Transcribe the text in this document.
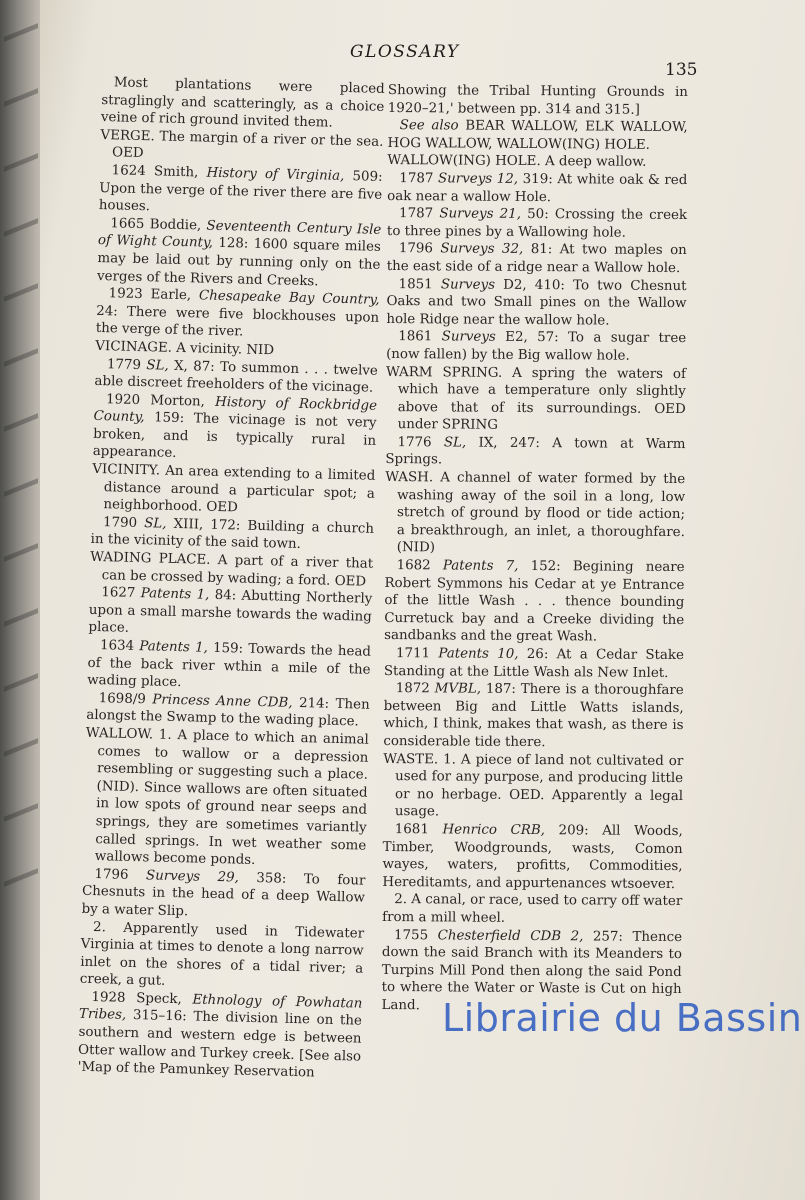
GLOSSARY
135

Most plantations were placed straglingly and scatteringly, as a choice veine of rich ground invited them.

VERGE. The margin of a river or the sea. OED

1624 Smith, History of Virginia, 509: Upon the verge of the river there are five houses.

1665 Boddie, Seventeenth Century Isle of Wight County, 128: 1600 square miles may be laid out by running only on the verges of the Rivers and Creeks.

1923 Earle, Chesapeake Bay Country, 24: There were five blockhouses upon the verge of the river.

VICINAGE. A vicinity. NID

1779 SL, X, 87: To summon . . . twelve able discreet freeholders of the vicinage.

1920 Morton, History of Rockbridge County, 159: The vicinage is not very broken, and is typically rural in appearance.

VICINITY. An area extending to a limited distance around a particular spot; a neighborhood. OED

1790 SL, XIII, 172: Building a church in the vicinity of the said town.

WADING PLACE. A part of a river that can be crossed by wading; a ford. OED

1627 Patents 1, 84: Abutting Northerly upon a small marshe towards the wading place.

1634 Patents 1, 159: Towards the head of the back river wthin a mile of the wading place.

1698/9 Princess Anne CDB, 214: Then alongst the Swamp to the wading place.

WALLOW. 1. A place to which an animal comes to wallow or a depression resembling or suggesting such a place. (NID). Since wallows are often situated in low spots of ground near seeps and springs, they are sometimes variantly called springs. In wet weather some wallows become ponds.

1796 Surveys 29, 358: To four Chesnuts in the head of a deep Wallow by a water Slip.

2. Apparently used in Tidewater Virginia at times to denote a long narrow inlet on the shores of a tidal river; a creek, a gut.

1928 Speck, Ethnology of Powhatan Tribes, 315–16: The division line on the southern and western edge is between Otter wallow and Turkey creek. [See also 'Map of the Pamunkey Reservation

Showing the Tribal Hunting Grounds in 1920–21,' between pp. 314 and 315.]

See also BEAR WALLOW, ELK WALLOW, HOG WALLOW, WALLOW(ING) HOLE.

WALLOW(ING) HOLE. A deep wallow.

1787 Surveys 12, 319: At white oak & red oak near a wallow Hole.

1787 Surveys 21, 50: Crossing the creek to three pines by a Wallowing hole.

1796 Surveys 32, 81: At two maples on the east side of a ridge near a Wallow hole.

1851 Surveys D2, 410: To two Chesnut Oaks and two Small pines on the Wallow hole Ridge near the wallow hole.

1861 Surveys E2, 57: To a sugar tree (now fallen) by the Big wallow hole.

WARM SPRING. A spring the waters of which have a temperature only slightly above that of its surroundings. OED under SPRING

1776 SL, IX, 247: A town at Warm Springs.

WASH. A channel of water formed by the washing away of the soil in a long, low stretch of ground by flood or tide action; a breakthrough, an inlet, a thoroughfare. (NID)

1682 Patents 7, 152: Begining neare Robert Symmons his Cedar at ye Entrance of the little Wash . . . thence bounding Curretuck bay and a Creeke dividing the sandbanks and the great Wash.

1711 Patents 10, 26: At a Cedar Stake Standing at the Little Wash als New Inlet.

1872 MVBL, 187: There is a thoroughfare between Big and Little Watts islands, which, I think, makes that wash, as there is considerable tide there.

WASTE. 1. A piece of land not cultivated or used for any purpose, and producing little or no herbage. OED. Apparently a legal usage.

1681 Henrico CRB, 209: All Woods, Timber, Woodgrounds, wasts, Comon wayes, waters, profitts, Commodities, Hereditamts, and appurtenances wtsoever.

2. A canal, or race, used to carry off water from a mill wheel.

1755 Chesterfield CDB 2, 257: Thence down the said Branch with its Meanders to Turpins Mill Pond then along the said Pond to where the Water or Waste is Cut on high Land. Librairie du Bassin
